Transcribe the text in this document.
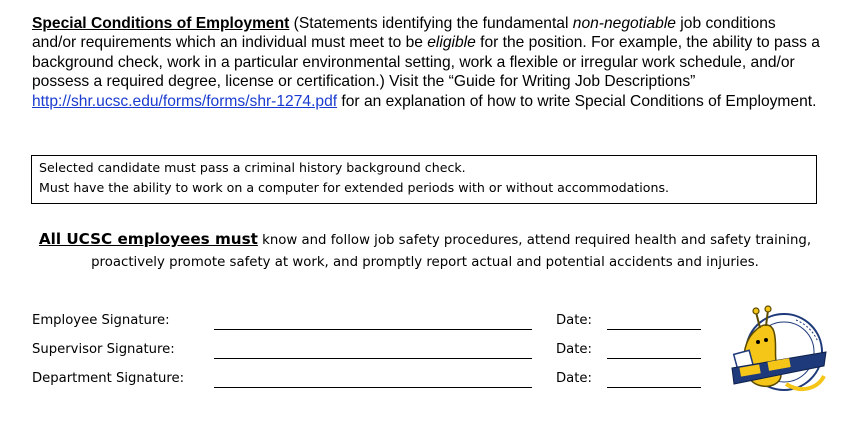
Special Conditions of Employment (Statements identifying the fundamental non-negotiable job conditions and/or requirements which an individual must meet to be eligible for the position. For example, the ability to pass a background check, work in a particular environmental setting, work a flexible or irregular work schedule, and/or possess a required degree, license or certification.) Visit the “Guide for Writing Job Descriptions” http://shr.ucsc.edu/forms/forms/shr-1274.pdf for an explanation of how to write Special Conditions of Employment.
Selected candidate must pass a criminal history background check.
Must have the ability to work on a computer for extended periods with or without accommodations.
All UCSC employees must know and follow job safety procedures, attend required health and safety training,
proactively promote safety at work, and promptly report actual and potential accidents and injuries.
Employee Signature:	Date:
Supervisor Signature:	Date:
Department Signature:	Date:
